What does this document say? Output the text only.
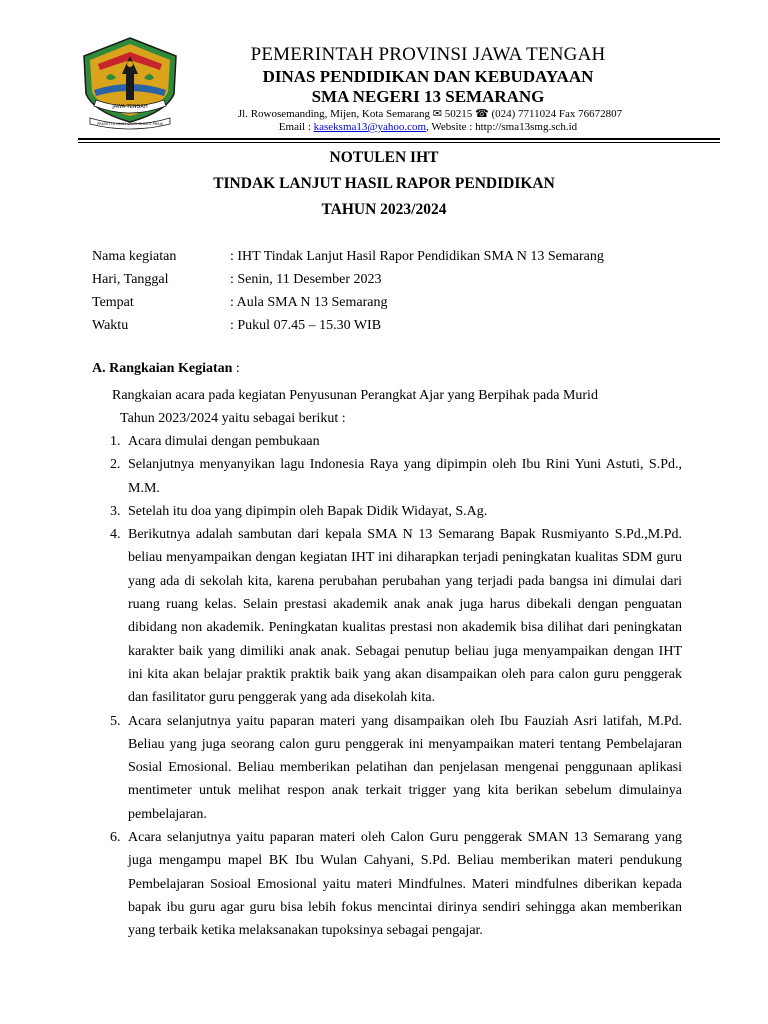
JAWA TENGAH
PRASETYA ULAH SAKTI BHAKTI PRAJA
PEMERINTAH PROVINSI JAWA TENGAH
DINAS PENDIDIKAN DAN KEBUDAYAAN
SMA NEGERI 13 SEMARANG
Jl. Rowosemanding, Mijen, Kota Semarang ✉ 50215 ☎ (024) 7711024 Fax 76672807
Email : kaseksma13@yahoo.com, Website : http://sma13smg.sch.id
NOTULEN IHT
TINDAK LANJUT HASIL RAPOR PENDIDIKAN
TAHUN 2023/2024
Nama kegiatan	: IHT Tindak Lanjut Hasil Rapor Pendidikan SMA N 13 Semarang
Hari, Tanggal	: Senin, 11 Desember 2023
Tempat	: Aula SMA N 13 Semarang
Waktu	: Pukul 07.45 – 15.30 WIB
A. Rangkaian Kegiatan :
Rangkaian acara pada kegiatan Penyusunan Perangkat Ajar yang Berpihak pada Murid
Tahun 2023/2024 yaitu sebagai berikut :
1. Acara dimulai dengan pembukaan
2. Selanjutnya menyanyikan lagu Indonesia Raya yang dipimpin oleh Ibu Rini Yuni Astuti, S.Pd., M.M.
3. Setelah itu doa yang dipimpin oleh Bapak Didik Widayat, S.Ag.
4. Berikutnya adalah sambutan dari kepala SMA N 13 Semarang Bapak Rusmiyanto S.Pd.,M.Pd. beliau menyampaikan dengan kegiatan IHT ini diharapkan terjadi peningkatan kualitas SDM guru yang ada di sekolah kita, karena perubahan perubahan yang terjadi pada bangsa ini dimulai dari ruang ruang kelas. Selain prestasi akademik anak anak juga harus dibekali dengan penguatan dibidang non akademik. Peningkatan kualitas prestasi non akademik bisa dilihat dari peningkatan karakter baik yang dimiliki anak anak. Sebagai penutup beliau juga menyampaikan dengan IHT ini kita akan belajar praktik praktik baik yang akan disampaikan oleh para calon guru penggerak dan fasilitator guru penggerak yang ada disekolah kita.
5. Acara selanjutnya yaitu paparan materi yang disampaikan oleh Ibu Fauziah Asri latifah, M.Pd. Beliau yang juga seorang calon guru penggerak ini menyampaikan materi tentang Pembelajaran Sosial Emosional. Beliau memberikan pelatihan dan penjelasan mengenai penggunaan aplikasi mentimeter untuk melihat respon anak terkait trigger yang kita berikan sebelum dimulainya pembelajaran.
6. Acara selanjutnya yaitu paparan materi oleh Calon Guru penggerak SMAN 13 Semarang yang juga mengampu mapel BK Ibu Wulan Cahyani, S.Pd. Beliau memberikan materi pendukung Pembelajaran Sosioal Emosional yaitu materi Mindfulnes. Materi mindfulnes diberikan kepada bapak ibu guru agar guru bisa lebih fokus mencintai dirinya sendiri sehingga akan memberikan yang terbaik ketika melaksanakan tupoksinya sebagai pengajar.
